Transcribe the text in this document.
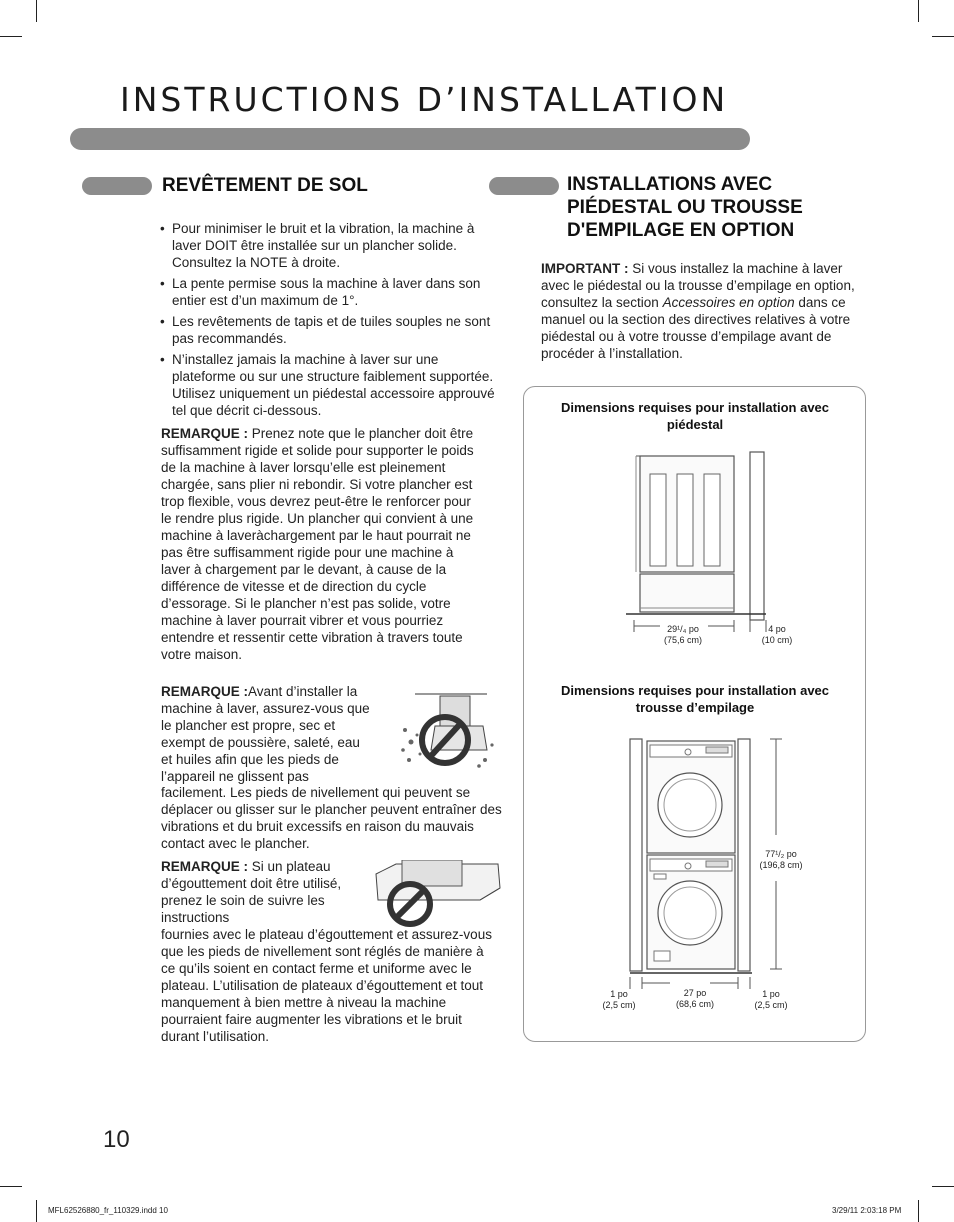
INSTRUCTIONS D’INSTALLATION
REVÊTEMENT DE SOL
• Pour minimiser le bruit et la vibration, la machine à laver DOIT être installée sur un plancher solide. Consultez la NOTE à droite.
• La pente permise sous la machine à laver dans son entier est d’un maximum de 1°.
• Les revêtements de tapis et de tuiles souples ne sont pas recommandés.
• N’installez jamais la machine à laver sur une plateforme ou sur une structure faiblement supportée. Utilisez uniquement un piédestal accessoire approuvé tel que décrit ci-dessous.
REMARQUE : Prenez note que le plancher doit être suffisamment rigide et solide pour supporter le poids de la machine à laver lorsqu’elle est pleinement chargée, sans plier ni rebondir. Si votre plancher est trop flexible, vous devrez peut-être le renforcer pour le rendre plus rigide. Un plancher qui convient à une machine à laveràchargement par le haut pourrait ne pas être suffisamment rigide pour une machine à laver à chargement par le devant, à cause de la différence de vitesse et de direction du cycle d’essorage. Si le plancher n’est pas solide, votre machine à laver pourrait vibrer et vous pourriez entendre et ressentir cette vibration à travers toute votre maison.
REMARQUE :Avant d’installer la machine à laver, assurez-vous que le plancher est propre, sec et exempt de poussière, saleté, eau et huiles afin que les pieds de l’appareil ne glissent pas
facilement. Les pieds de nivellement qui peuvent se déplacer ou glisser sur le plancher peuvent entraîner des vibrations et du bruit excessifs en raison du mauvais contact avec le plancher.
REMARQUE : Si un plateau d’égouttement doit être utilisé, prenez le soin de suivre les instructions
fournies avec le plateau d’égouttement et assurez-vous que les pieds de nivellement sont réglés de manière à ce qu’ils soient en contact ferme et uniforme avec le plateau. L’utilisation de plateaux d’égouttement et tout manquement à bien mettre à niveau la machine pourraient faire augmenter les vibrations et le bruit durant l’utilisation.
INSTALLATIONS AVEC PIÉDESTAL OU TROUSSE D'EMPILAGE EN OPTION
IMPORTANT : Si vous installez la machine à laver avec le piédestal ou la trousse d’empilage en option, consultez la section Accessoires en option dans ce manuel ou la section des directives relatives à votre piédestal ou à votre trousse d’empilage avant de procéder à l’installation.
Dimensions requises pour installation avec piédestal
29¹/₄ po
(75,6 cm)
4 po
(10 cm)
Dimensions requises pour installation avec trousse d’empilage
77¹/₂ po
(196,8 cm)
1 po
(2,5 cm)
27 po
(68,6 cm)
1 po
(2,5 cm)
10
MFL62526880_fr_110329.indd 10	3/29/11 2:03:18 PM
